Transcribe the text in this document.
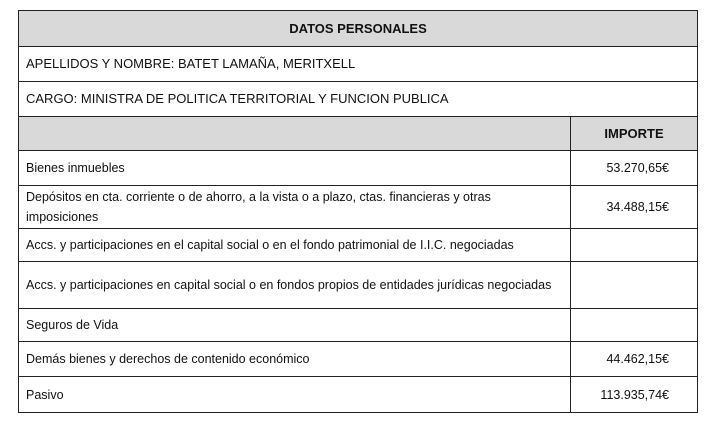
DATOS PERSONALES	
APELLIDOS Y NOMBRE: BATET LAMAÑA, MERITXELL	
CARGO: MINISTRA DE POLITICA TERRITORIAL Y FUNCION PUBLICA	
	IMPORTE
Bienes inmuebles	53.270,65€
Depósitos en cta. corriente o de ahorro, a la vista o a plazo, ctas. financieras y otras imposiciones	34.488,15€
Accs. y participaciones en el capital social o en el fondo patrimonial de I.I.C. negociadas	
Accs. y participaciones en capital social o en fondos propios de entidades jurídicas negociadas	
Seguros de Vida	
Demás bienes y derechos de contenido económico	44.462,15€
Pasivo	113.935,74€
